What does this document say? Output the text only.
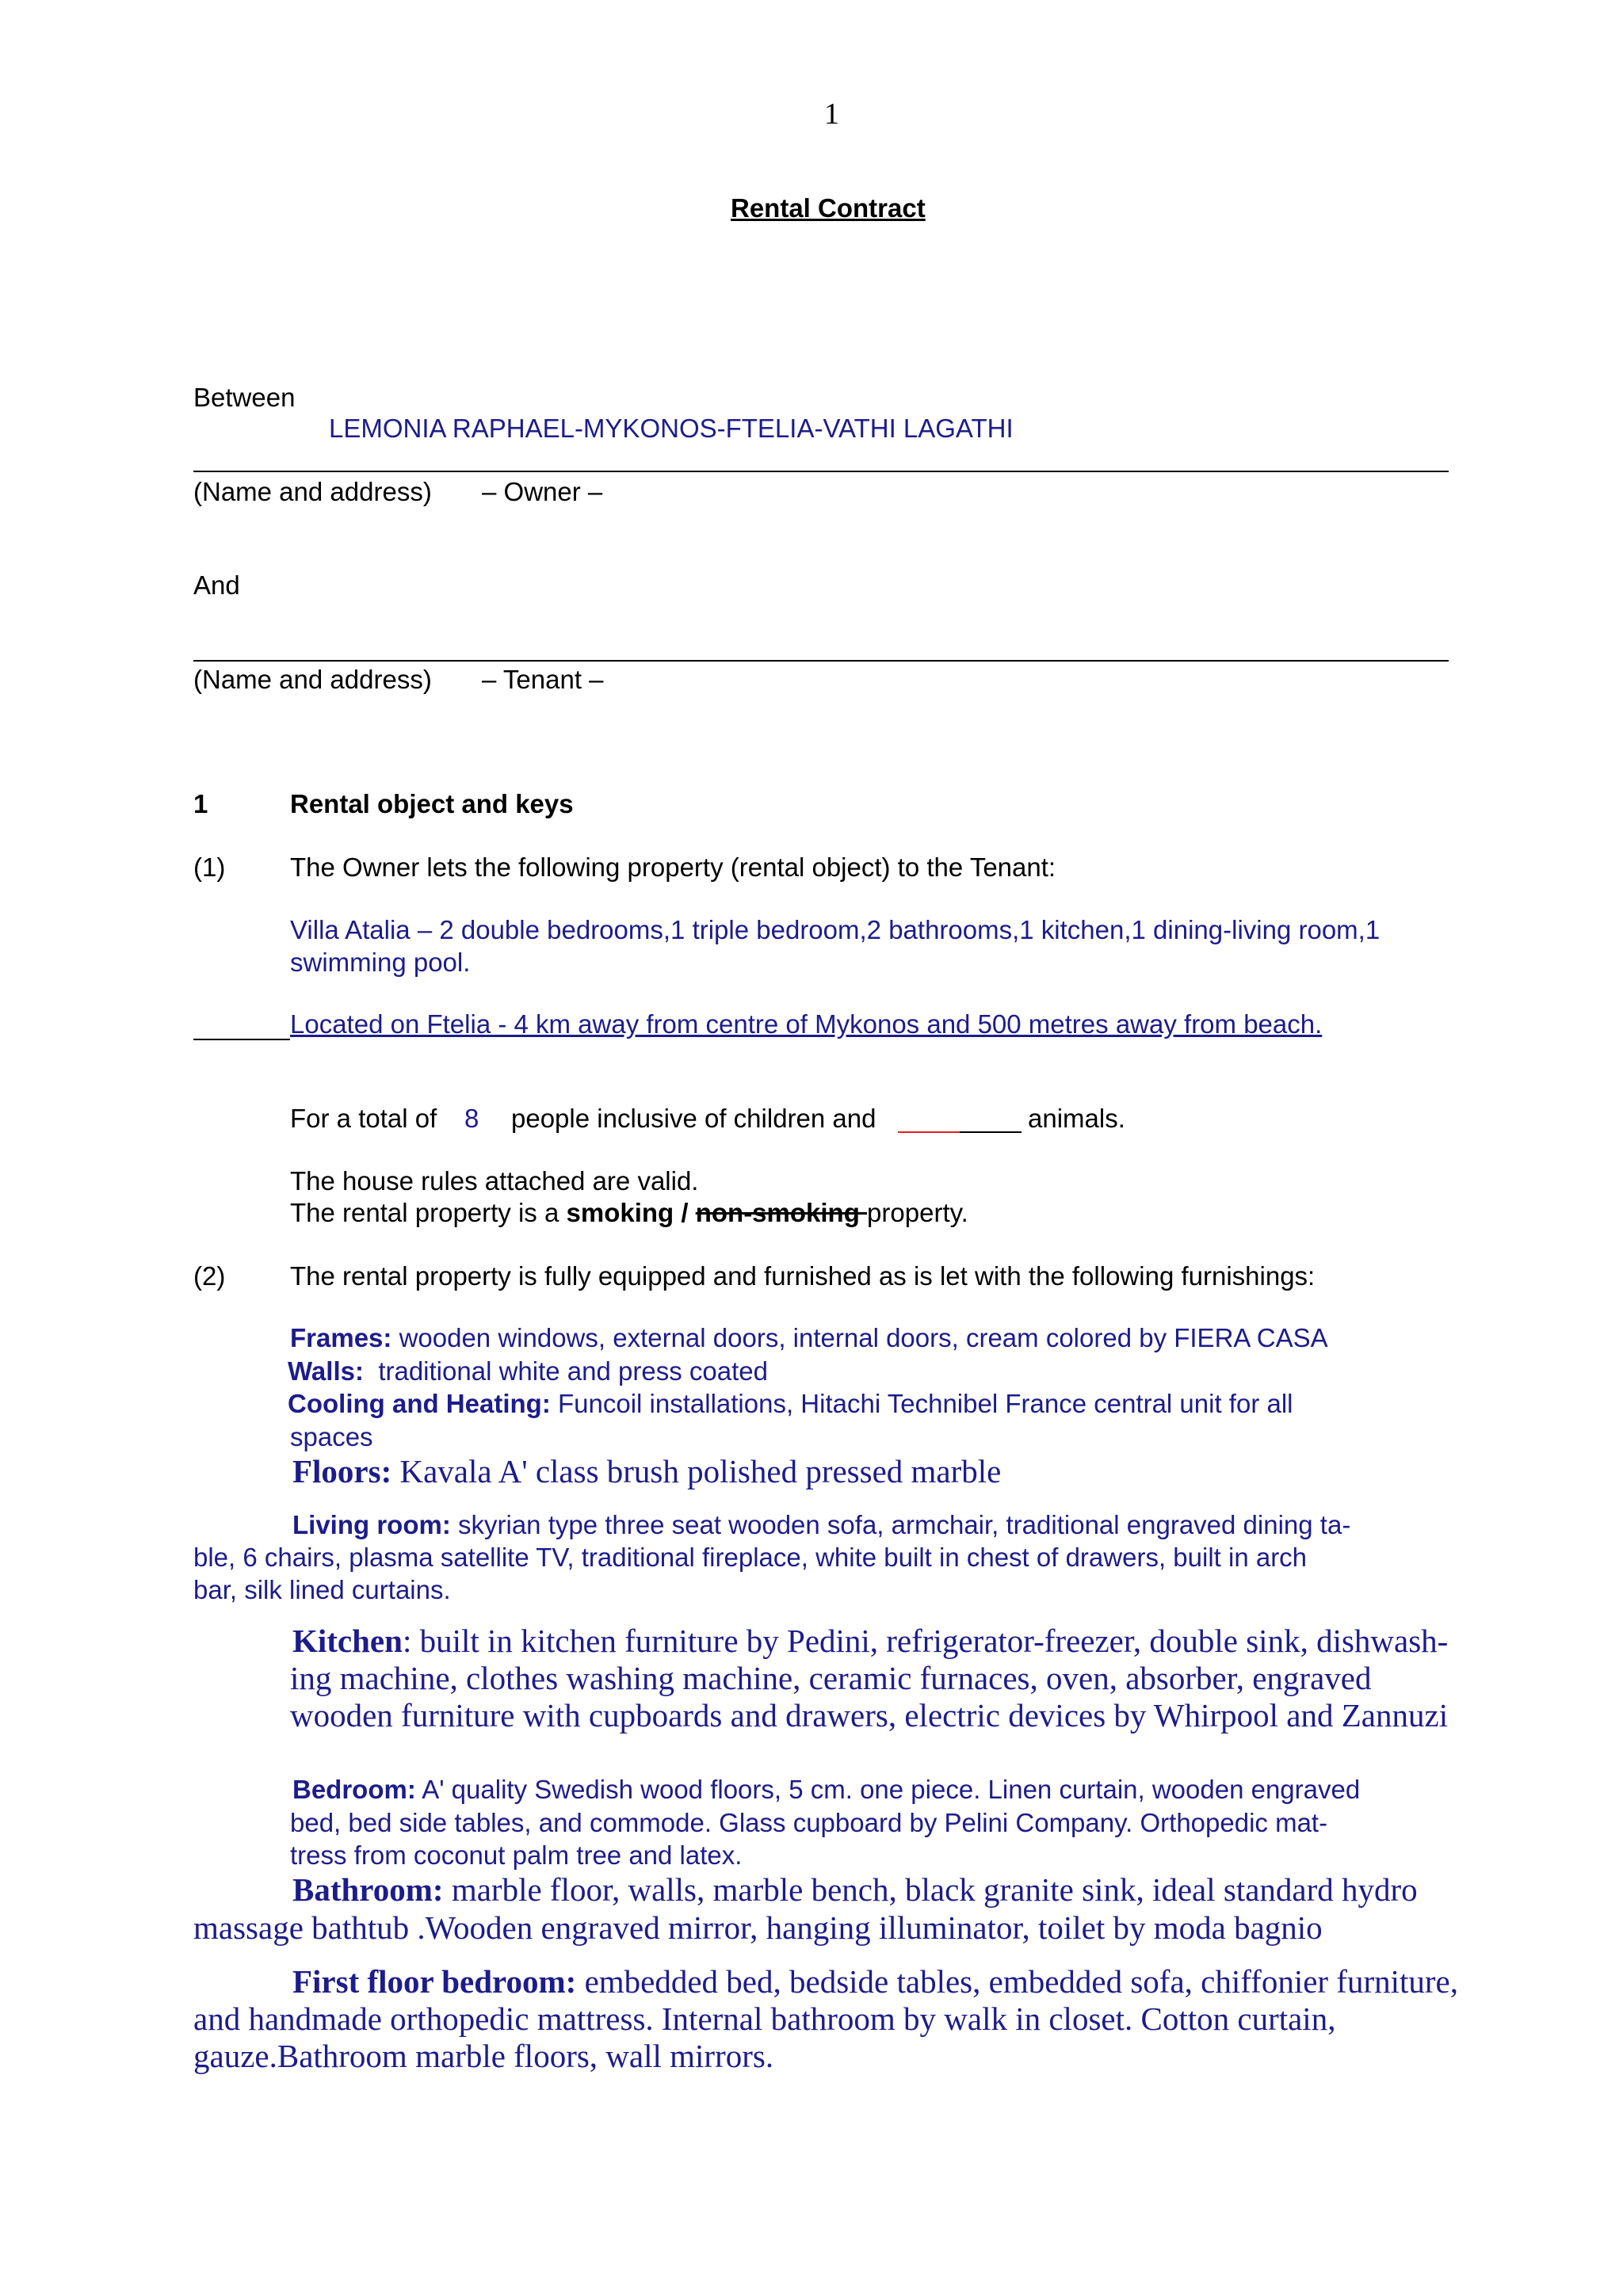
1
Rental Contract
Between
LEMONIA RAPHAEL-MYKONOS-FTELIA-VATHI LAGATHI
(Name and address) – Owner –
And
(Name and address) – Tenant –
1	Rental object and keys
(1) The Owner lets the following property (rental object) to the Tenant:
Villa Atalia – 2 double bedrooms,1 triple bedroom,2 bathrooms,1 kitchen,1 dining-living room,1
swimming pool.
Located on Ftelia - 4 km away from centre of Mykonos and 500 metres away from beach.
For a total of 8 people inclusive of children and	animals.
The house rules attached are valid.
The rental property is a smoking / non-smoking property.
(2) The rental property is fully equipped and furnished as is let with the following furnishings:
Frames: wooden windows, external doors, internal doors, cream colored by FIERA CASA
Walls: traditional white and press coated
Cooling and Heating: Funcoil installations, Hitachi Technibel France central unit for all
spaces
Floors: Kavala A' class brush polished pressed marble
Living room: skyrian type three seat wooden sofa, armchair, traditional engraved dining ta-
ble, 6 chairs, plasma satellite TV, traditional fireplace, white built in chest of drawers, built in arch
bar, silk lined curtains.
Kitchen: built in kitchen furniture by Pedini, refrigerator-freezer, double sink, dishwash-
ing machine, clothes washing machine, ceramic furnaces, oven, absorber, engraved
wooden furniture with cupboards and drawers, electric devices by Whirpool and Zannuzi
Bedroom: A' quality Swedish wood floors, 5 cm. one piece. Linen curtain, wooden engraved
bed, bed side tables, and commode. Glass cupboard by Pelini Company. Orthopedic mat-
tress from coconut palm tree and latex.
Bathroom: marble floor, walls, marble bench, black granite sink, ideal standard hydro
massage bathtub .Wooden engraved mirror, hanging illuminator, toilet by moda bagnio
First floor bedroom: embedded bed, bedside tables, embedded sofa, chiffonier furniture,
and handmade orthopedic mattress. Internal bathroom by walk in closet. Cotton curtain,
gauze.Bathroom marble floors, wall mirrors.
